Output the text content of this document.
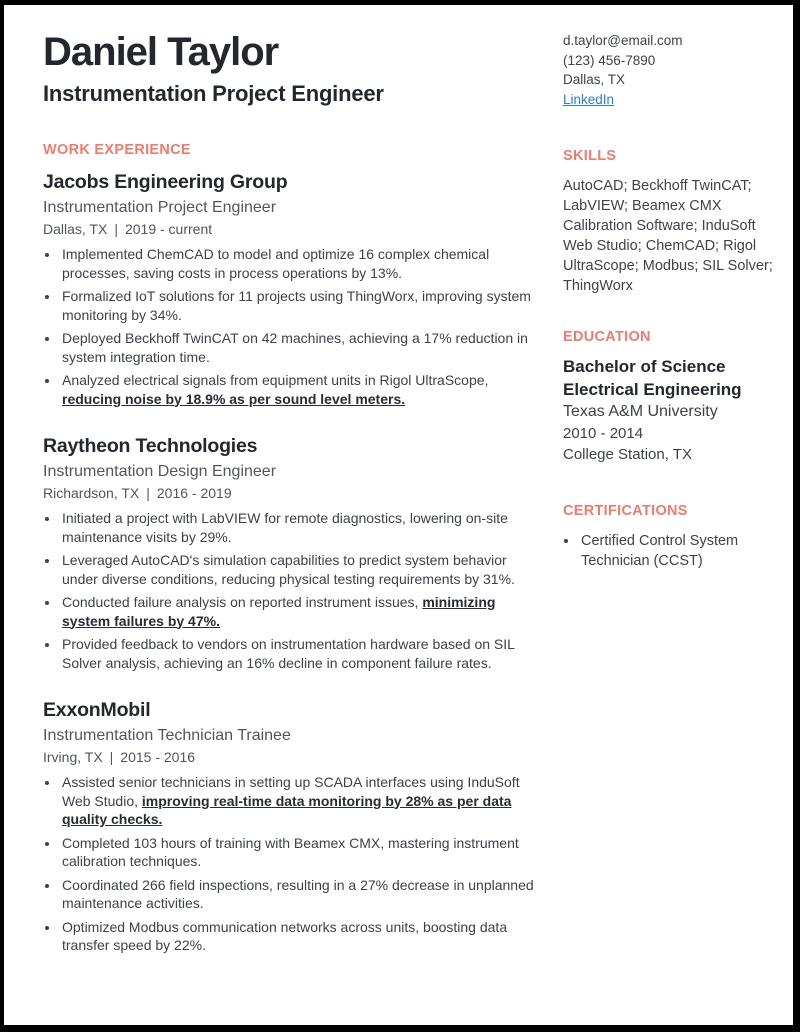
Daniel Taylor
Instrumentation Project Engineer
WORK EXPERIENCE
Jacobs Engineering Group
Instrumentation Project Engineer
Dallas, TX | 2019 - current
• Implemented ChemCAD to model and optimize 16 complex chemical processes, saving costs in process operations by 13%.
• Formalized IoT solutions for 11 projects using ThingWorx, improving system monitoring by 34%.
• Deployed Beckhoff TwinCAT on 42 machines, achieving a 17% reduction in system integration time.
• Analyzed electrical signals from equipment units in Rigol UltraScope, reducing noise by 18.9% as per sound level meters.
Raytheon Technologies
Instrumentation Design Engineer
Richardson, TX | 2016 - 2019
• Initiated a project with LabVIEW for remote diagnostics, lowering on-site maintenance visits by 29%.
• Leveraged AutoCAD's simulation capabilities to predict system behavior under diverse conditions, reducing physical testing requirements by 31%.
• Conducted failure analysis on reported instrument issues, minimizing system failures by 47%.
• Provided feedback to vendors on instrumentation hardware based on SIL Solver analysis, achieving an 16% decline in component failure rates.
ExxonMobil
Instrumentation Technician Trainee
Irving, TX | 2015 - 2016
• Assisted senior technicians in setting up SCADA interfaces using InduSoft Web Studio, improving real-time data monitoring by 28% as per data quality checks.
• Completed 103 hours of training with Beamex CMX, mastering instrument calibration techniques.
• Coordinated 266 field inspections, resulting in a 27% decrease in unplanned maintenance activities.
• Optimized Modbus communication networks across units, boosting data transfer speed by 22%.
d.taylor@email.com
(123) 456-7890
Dallas, TX
LinkedIn
SKILLS

AutoCAD; Beckhoff TwinCAT; LabVIEW; Beamex CMX Calibration Software; InduSoft Web Studio; ChemCAD; Rigol UltraScope; Modbus; SIL Solver; ThingWorx

EDUCATION
Bachelor of Science
Electrical Engineering
Texas A&M University
2010 - 2014
College Station, TX
CERTIFICATIONS
• Certified Control System Technician (CCST)
